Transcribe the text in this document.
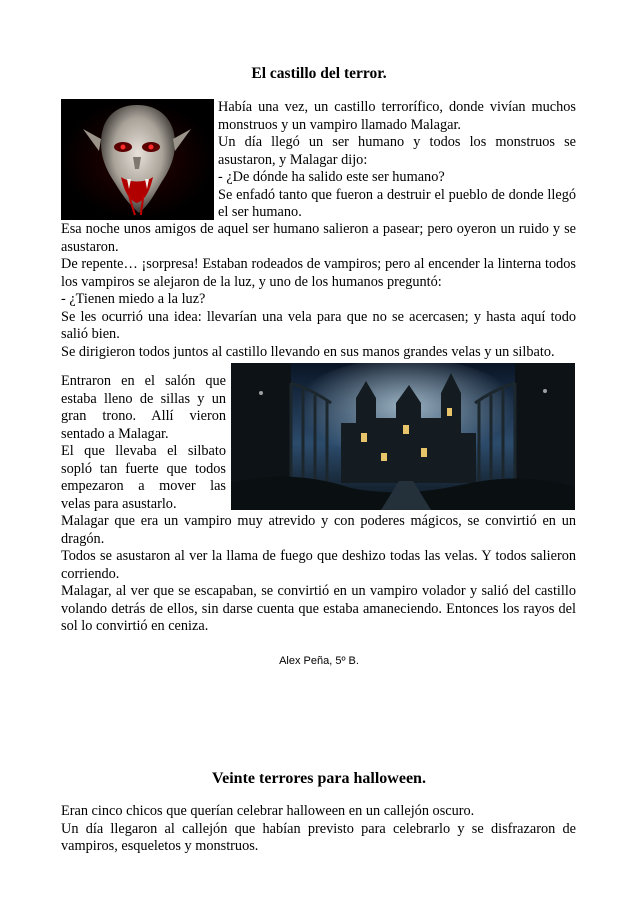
El castillo del terror.
Había una vez, un castillo terrorífico, donde vivían muchos monstruos y un vampiro llamado Malagar.
Un día llegó un ser humano y todos los monstruos se asustaron, y Malagar dijo:
- ¿De dónde ha salido este ser humano?
Se enfadó tanto que fueron a destruir el pueblo de donde llegó el ser humano.
Esa noche unos amigos de aquel ser humano salieron a pasear; pero oyeron un ruido y se asustaron.
De repente… ¡sorpresa! Estaban rodeados de vampiros; pero al encender la linterna todos los vampiros se alejaron de la luz, y uno de los humanos preguntó:
- ¿Tienen miedo a la luz?
Se les ocurrió una idea: llevarían una vela para que no se acercasen; y hasta aquí todo salió bien.
Se dirigieron todos juntos al castillo llevando en sus manos grandes velas y un silbato.
Entraron en el salón que estaba lleno de sillas y un gran trono. Allí vieron sentado a Malagar.
El que llevaba el silbato sopló tan fuerte que todos empezaron a mover las velas para asustarlo.
Malagar que era un vampiro muy atrevido y con poderes mágicos, se convirtió en un dragón.
Todos se asustaron al ver la llama de fuego que deshizo todas las velas. Y todos salieron corriendo.
Malagar, al ver que se escapaban, se convirtió en un vampiro volador y salió del castillo volando detrás de ellos, sin darse cuenta que estaba amaneciendo. Entonces los rayos del sol lo convirtió en ceniza.
Alex Peña, 5º B.
Veinte terrores para halloween.
Eran cinco chicos que querían celebrar halloween en un callejón oscuro.
Un día llegaron al callejón que habían previsto para celebrarlo y se disfrazaron de vampiros, esqueletos y monstruos.
